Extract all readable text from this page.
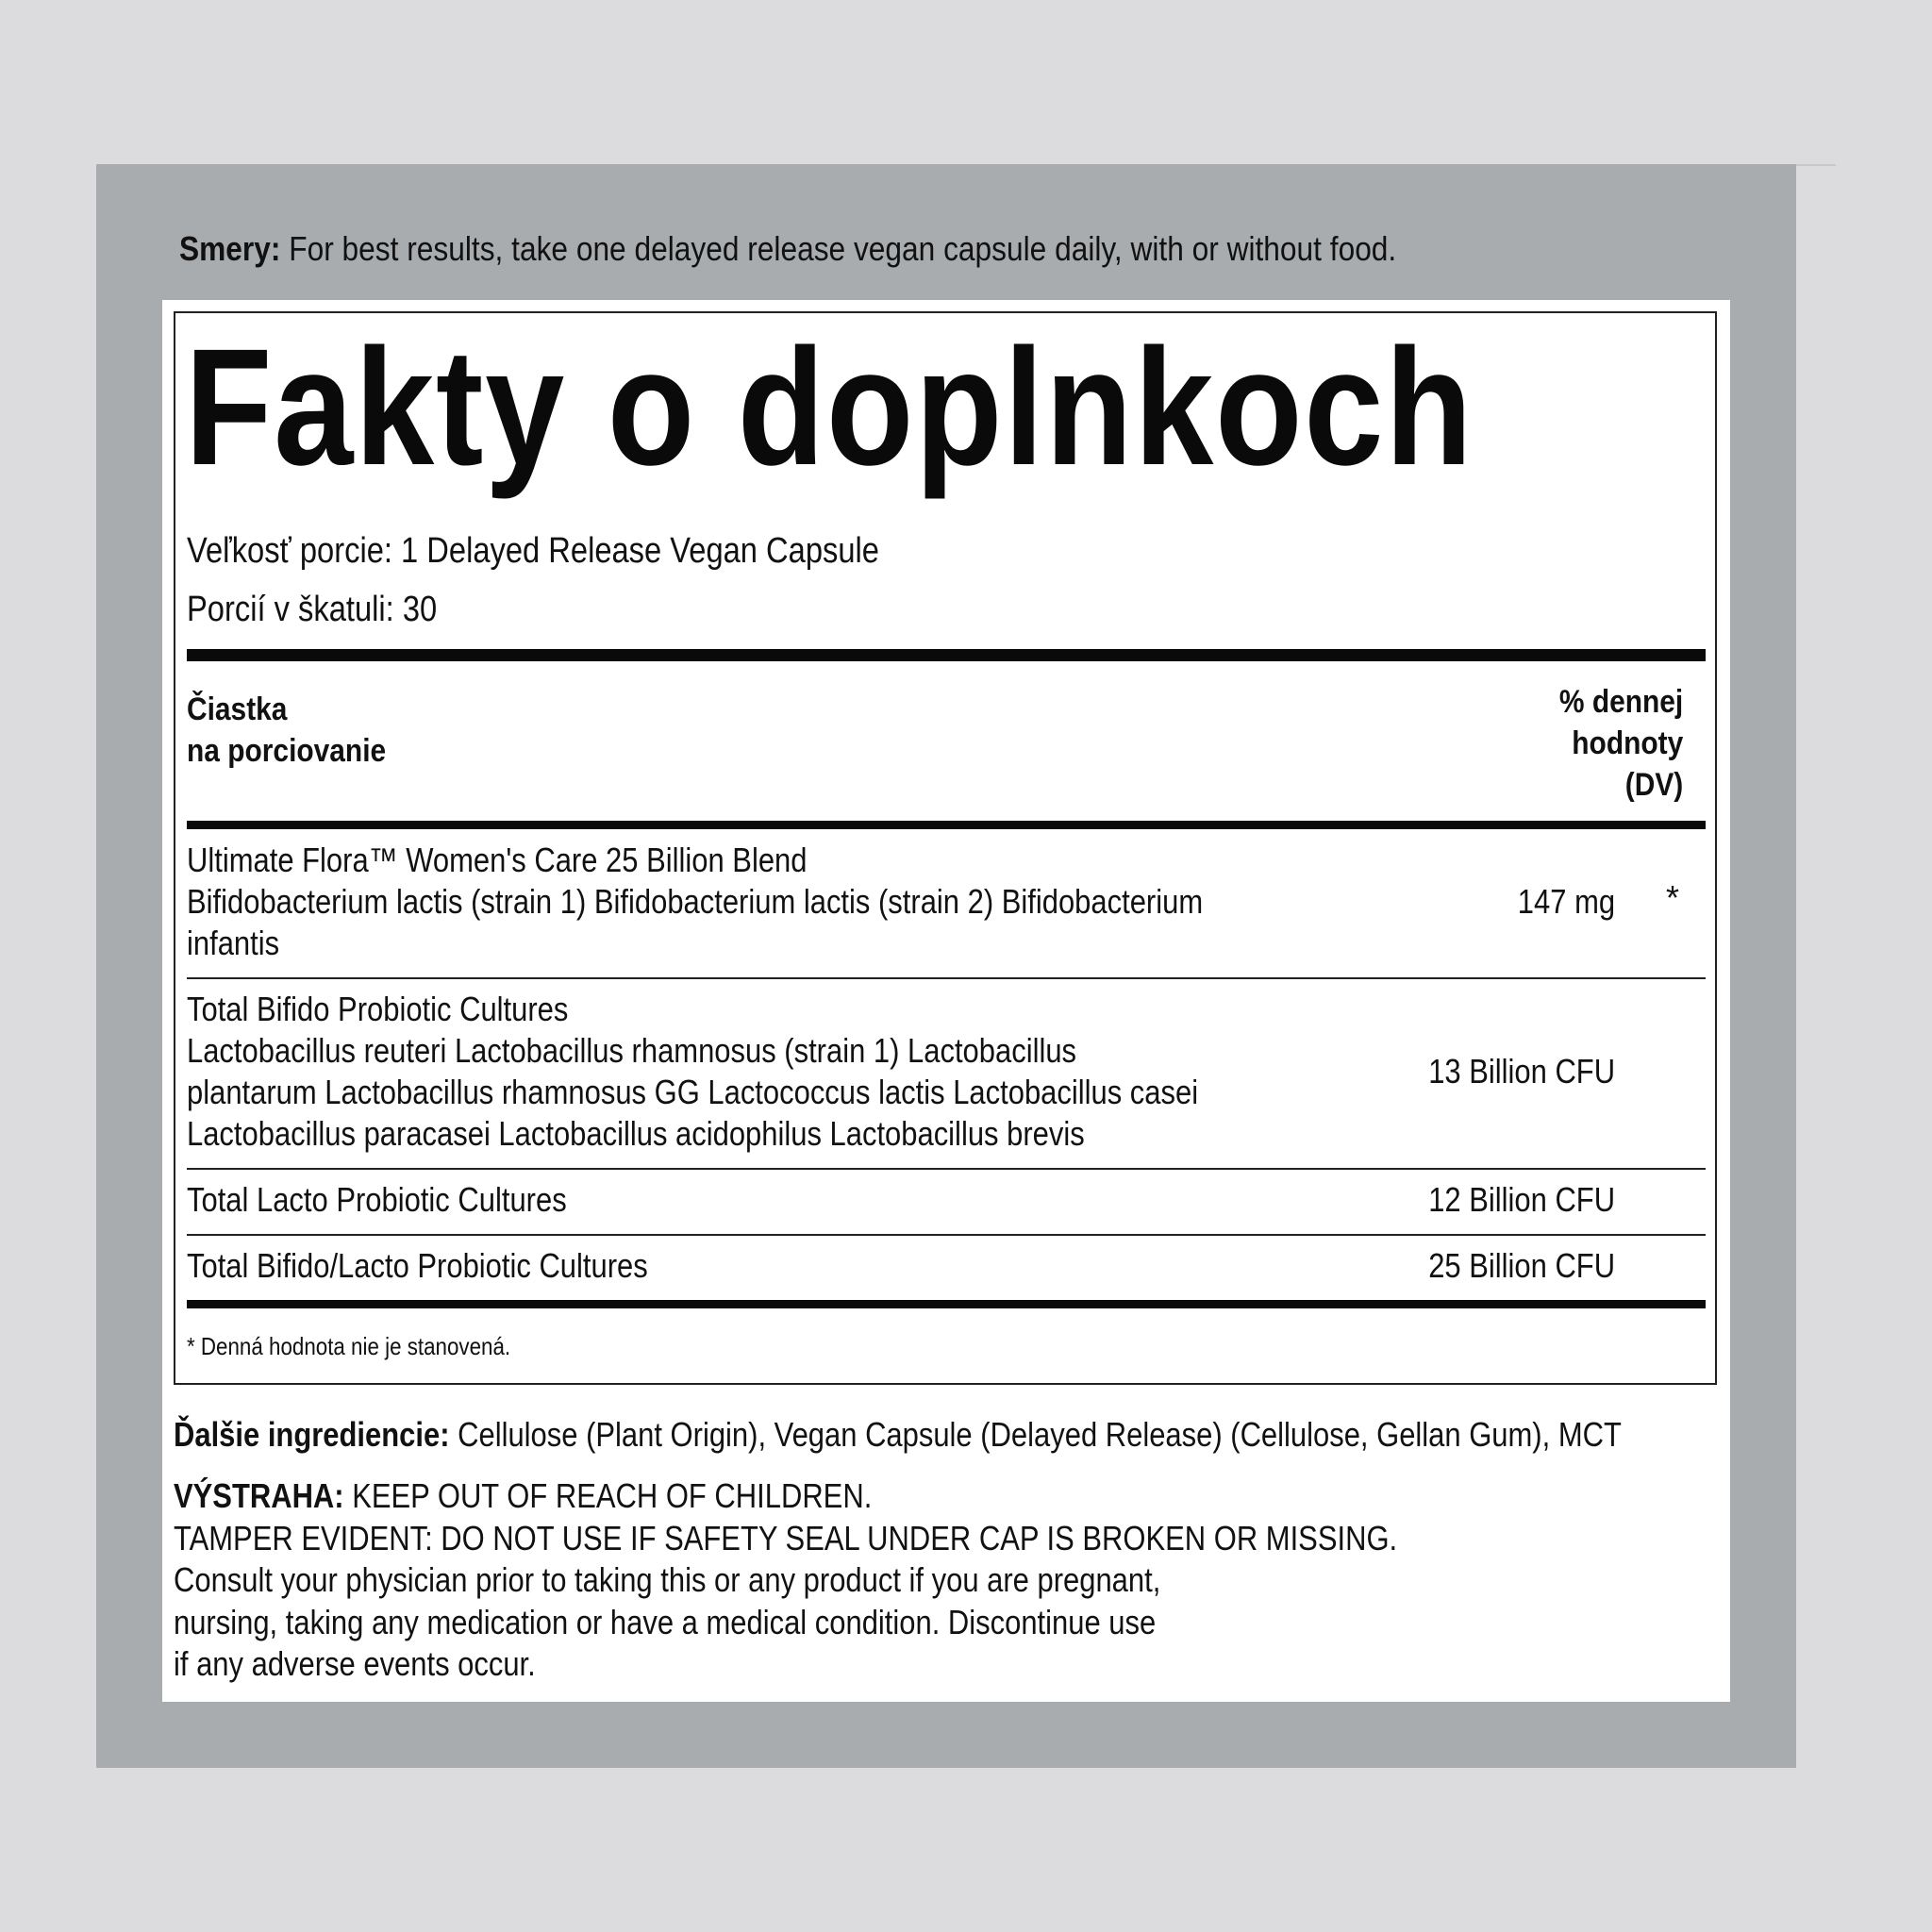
Smery: For best results, take one delayed release vegan capsule daily, with or without food.
Fakty o doplnkoch
Veľkosť porcie: 1 Delayed Release Vegan Capsule
Porcií v škatuli: 30
Čiastka
na porciovanie
% dennej
hodnoty
(DV)
Ultimate Flora™ Women's Care 25 Billion Blend
Bifidobacterium lactis (strain 1) Bifidobacterium lactis (strain 2) Bifidobacterium
infantis
147 mg *
Total Bifido Probiotic Cultures
Lactobacillus reuteri Lactobacillus rhamnosus (strain 1) Lactobacillus
plantarum Lactobacillus rhamnosus GG Lactococcus lactis Lactobacillus casei
Lactobacillus paracasei Lactobacillus acidophilus Lactobacillus brevis
13 Billion CFU
Total Lacto Probiotic Cultures	12 Billion CFU
Total Bifido/Lacto Probiotic Cultures	25 Billion CFU
* Denná hodnota nie je stanovená.
Ďalšie ingrediencie: Cellulose (Plant Origin), Vegan Capsule (Delayed Release) (Cellulose, Gellan Gum), MCT
VÝSTRAHA: KEEP OUT OF REACH OF CHILDREN.
TAMPER EVIDENT: DO NOT USE IF SAFETY SEAL UNDER CAP IS BROKEN OR MISSING.
Consult your physician prior to taking this or any product if you are pregnant,
nursing, taking any medication or have a medical condition. Discontinue use
if any adverse events occur.
